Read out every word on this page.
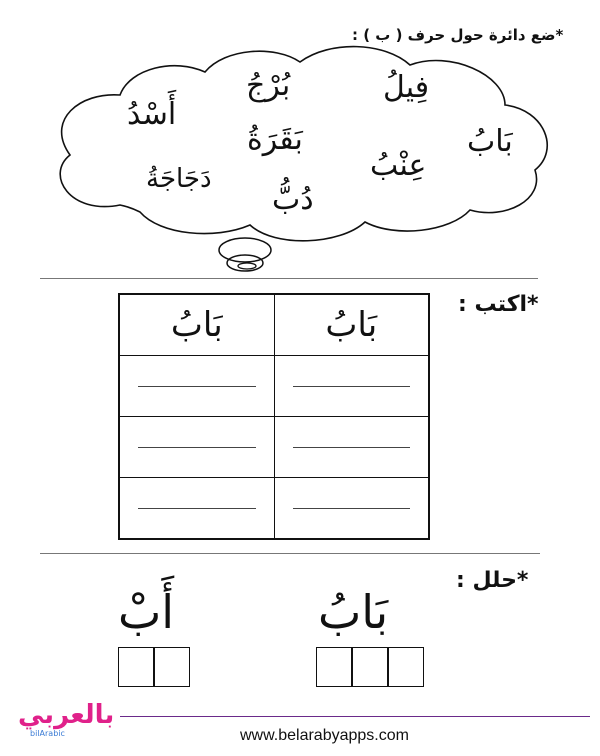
*ضع دائرة حول حرف ( ب ) :
فِيلُ
بُرْجُ
أَسْدُ
بَابُ
بَقَرَةُ
عِنْبُ
دَجَاجَةُ
دُبُّ
*اكتب :
بَابُ	بَابُ

*حلل :
بَابُ
أَبْ
بالعربي
bilArabic	www.belarabyapps.com
